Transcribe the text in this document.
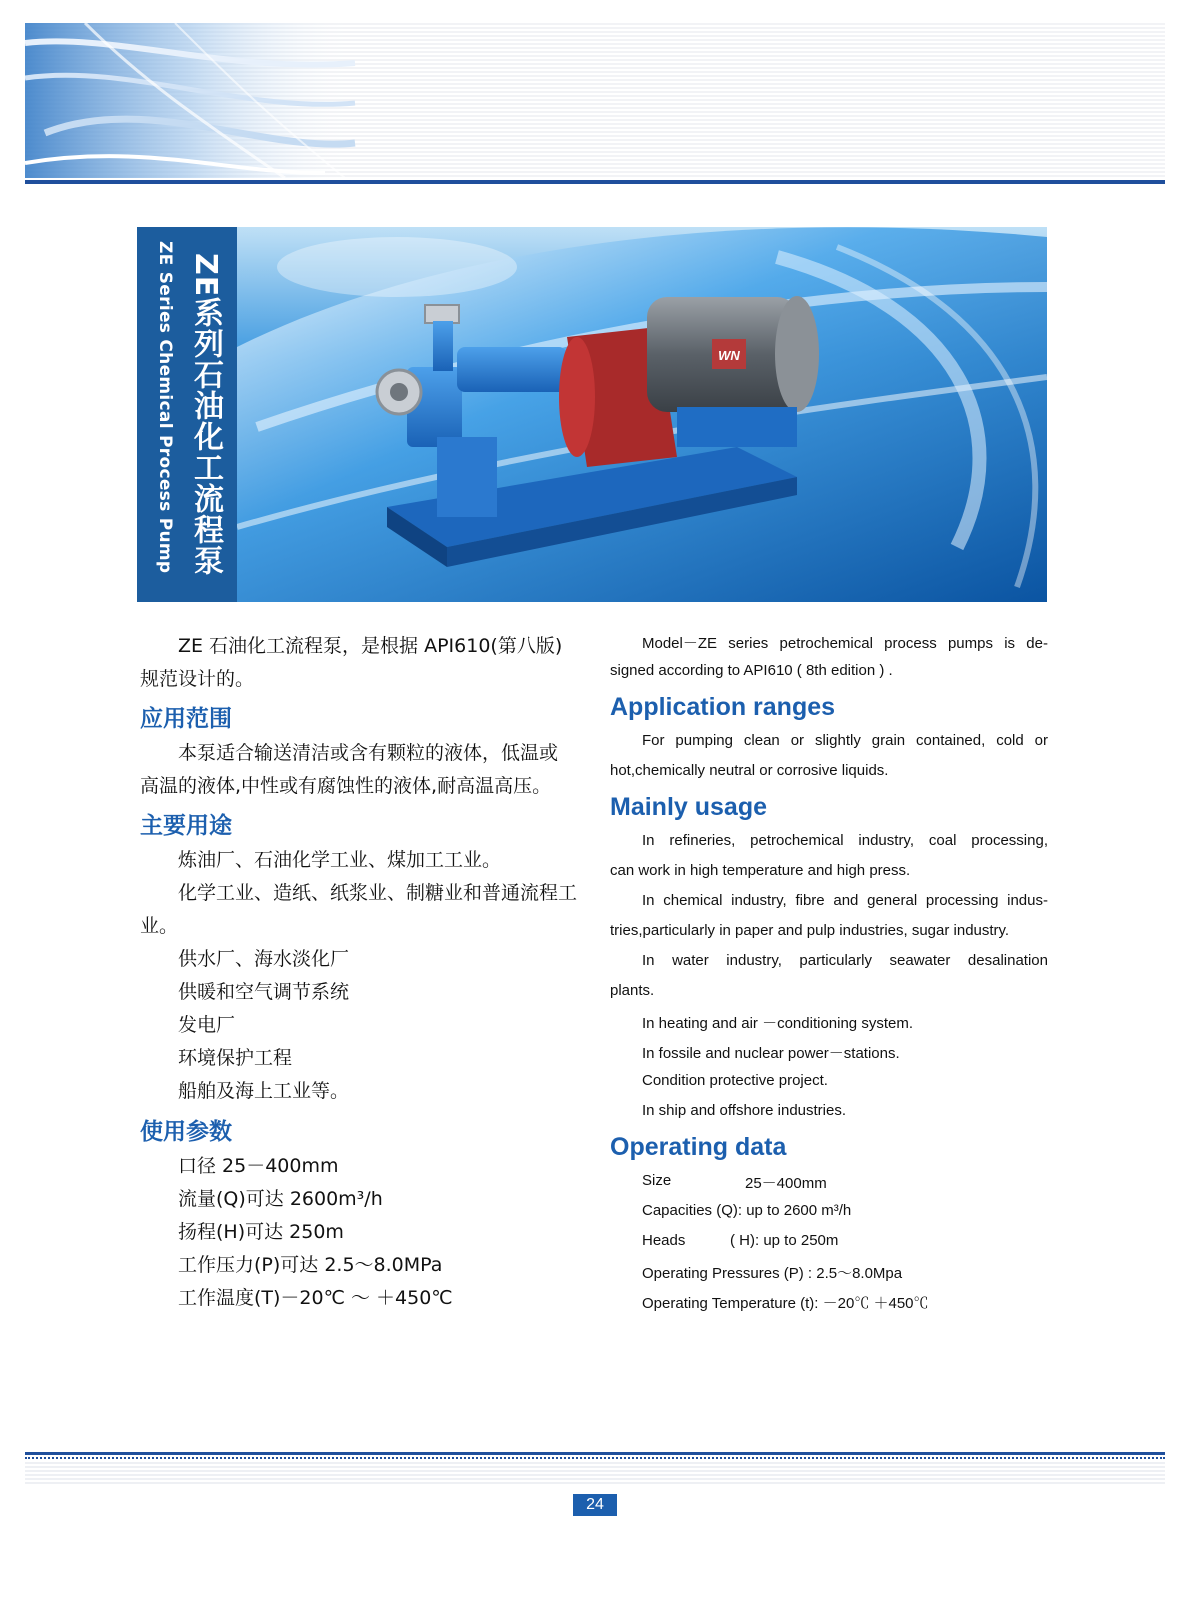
WN
ZE系列石油化工流程泵
ZE Series Chemical Process Pump
ZE 石油化工流程泵，是根据 API610(第八版)
规范设计的。
应用范围
本泵适合输送清洁或含有颗粒的液体，低温或
高温的液体,中性或有腐蚀性的液体,耐高温高压。
主要用途
炼油厂、石油化学工业、煤加工工业。
化学工业、造纸、纸浆业、制糖业和普通流程工
业。
供水厂、海水淡化厂
供暖和空气调节系统
发电厂
环境保护工程
船舶及海上工业等。
使用参数
口径 25－400mm
流量(Q)可达 2600m³/h
扬程(H)可达 250m
工作压力(P)可达 2.5～8.0MPa
工作温度(T)－20℃ ～ ＋450℃
Model－ZE series petrochemical process pumps is de-
signed according to API610 ( 8th edition ) .
Application ranges
For pumping clean or slightly grain contained, cold or
hot,chemically neutral or corrosive liquids.
Mainly usage
In refineries, petrochemical industry, coal processing,
can work in high temperature and high press.
In chemical industry, fibre and general processing indus-
tries,particularly in paper and pulp industries, sugar industry.
In water industry, particularly seawater desalination
plants.
In heating and air －conditioning system.
In fossile and nuclear power－stations.
Condition protective project.
In ship and offshore industries.
Operating data
Size	25－400mm
Capacities (Q): up to 2600 m³/h
Heads	( H): up to 250m
Operating Pressures (P) : 2.5～8.0Mpa
Operating Temperature (t): －20℃ ＋450℃
24
